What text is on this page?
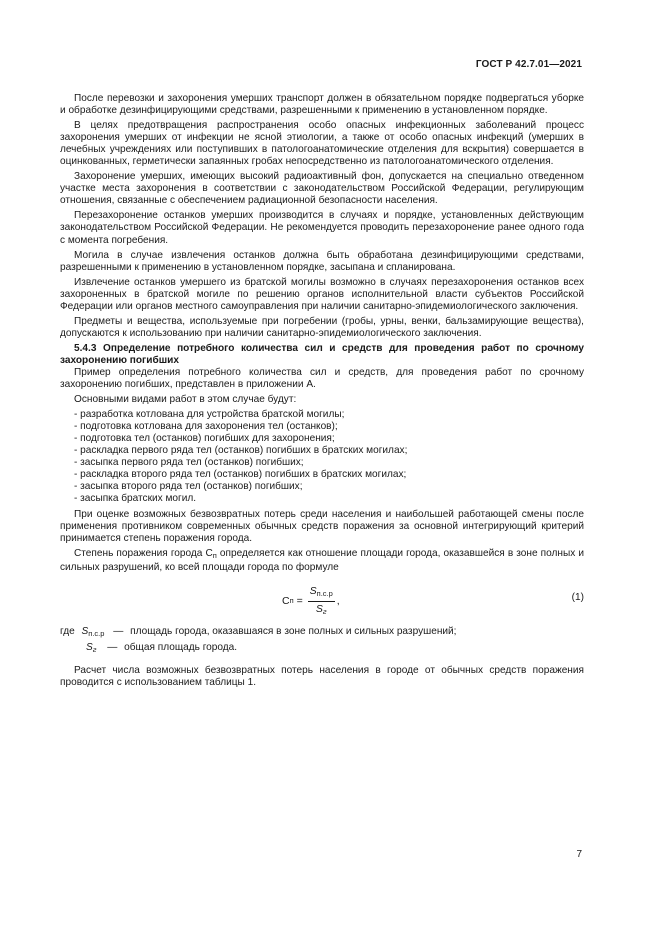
ГОСТ Р 42.7.01—2021

После перевозки и захоронения умерших транспорт должен в обязательном порядке подвергаться уборке и обработке дезинфицирующими средствами, разрешенными к применению в установленном порядке.

В целях предотвращения распространения особо опасных инфекционных заболеваний процесс захоронения умерших от инфекции не ясной этиологии, а также от особо опасных инфекций (умерших в лечебных учреждениях или поступивших в патологоанатомические отделения для вскрытия) совершается в оцинкованных, герметически запаянных гробах непосредственно из патологоанатомического отделения.

Захоронение умерших, имеющих высокий радиоактивный фон, допускается на специально отведенном участке места захоронения в соответствии с законодательством Российской Федерации, регулирующим отношения, связанные с обеспечением радиационной безопасности населения.

Перезахоронение останков умерших производится в случаях и порядке, установленных действующим законодательством Российской Федерации. Не рекомендуется проводить перезахоронение ранее одного года с момента погребения.

Могила в случае извлечения останков должна быть обработана дезинфицирующими средствами, разрешенными к применению в установленном порядке, засыпана и спланирована.

Извлечение останков умершего из братской могилы возможно в случаях перезахоронения останков всех захороненных в братской могиле по решению органов исполнительной власти субъектов Российской Федерации или органов местного самоуправления при наличии санитарно-эпидемиологического заключения.

Предметы и вещества, используемые при погребении (гробы, урны, венки, бальзамирующие вещества), допускаются к использованию при наличии санитарно-эпидемиологического заключения.

5.4.3 Определение потребного количества сил и средств для проведения работ по срочному захоронению погибших

Пример определения потребного количества сил и средств, для проведения работ по срочному захоронению погибших, представлен в приложении А.

Основными видами работ в этом случае будут:

- разработка котлована для устройства братской могилы;
- подготовка котлована для захоронения тел (останков);
- подготовка тел (останков) погибших для захоронения;
- раскладка первого ряда тел (останков) погибших в братских могилах;
- засыпка первого ряда тел (останков) погибших;
- раскладка второго ряда тел (останков) погибших в братских могилах;
- засыпка второго ряда тел (останков) погибших;
- засыпка братских могил.

При оценке возможных безвозвратных потерь среди населения и наибольшей работающей смены после применения противником современных обычных средств поражения за основной интегрирующий критерий принимается степень поражения города.

Степень поражения города $С_п$ определяется как отношение площади города, оказавшейся в зоне полных и сильных разрушений, ко всей площади города по формуле

С $п = \frac{S_{п.с.р}}{S_г}$ ,	(1)
где $S_{п.с.р}$ — площадь города, оказавшаяся в зоне полных и сильных разрушений;
$S_г$ — общая площадь города.

Расчет числа возможных безвозвратных потерь населения в городе от обычных средств поражения проводится с использованием таблицы 1.

7
